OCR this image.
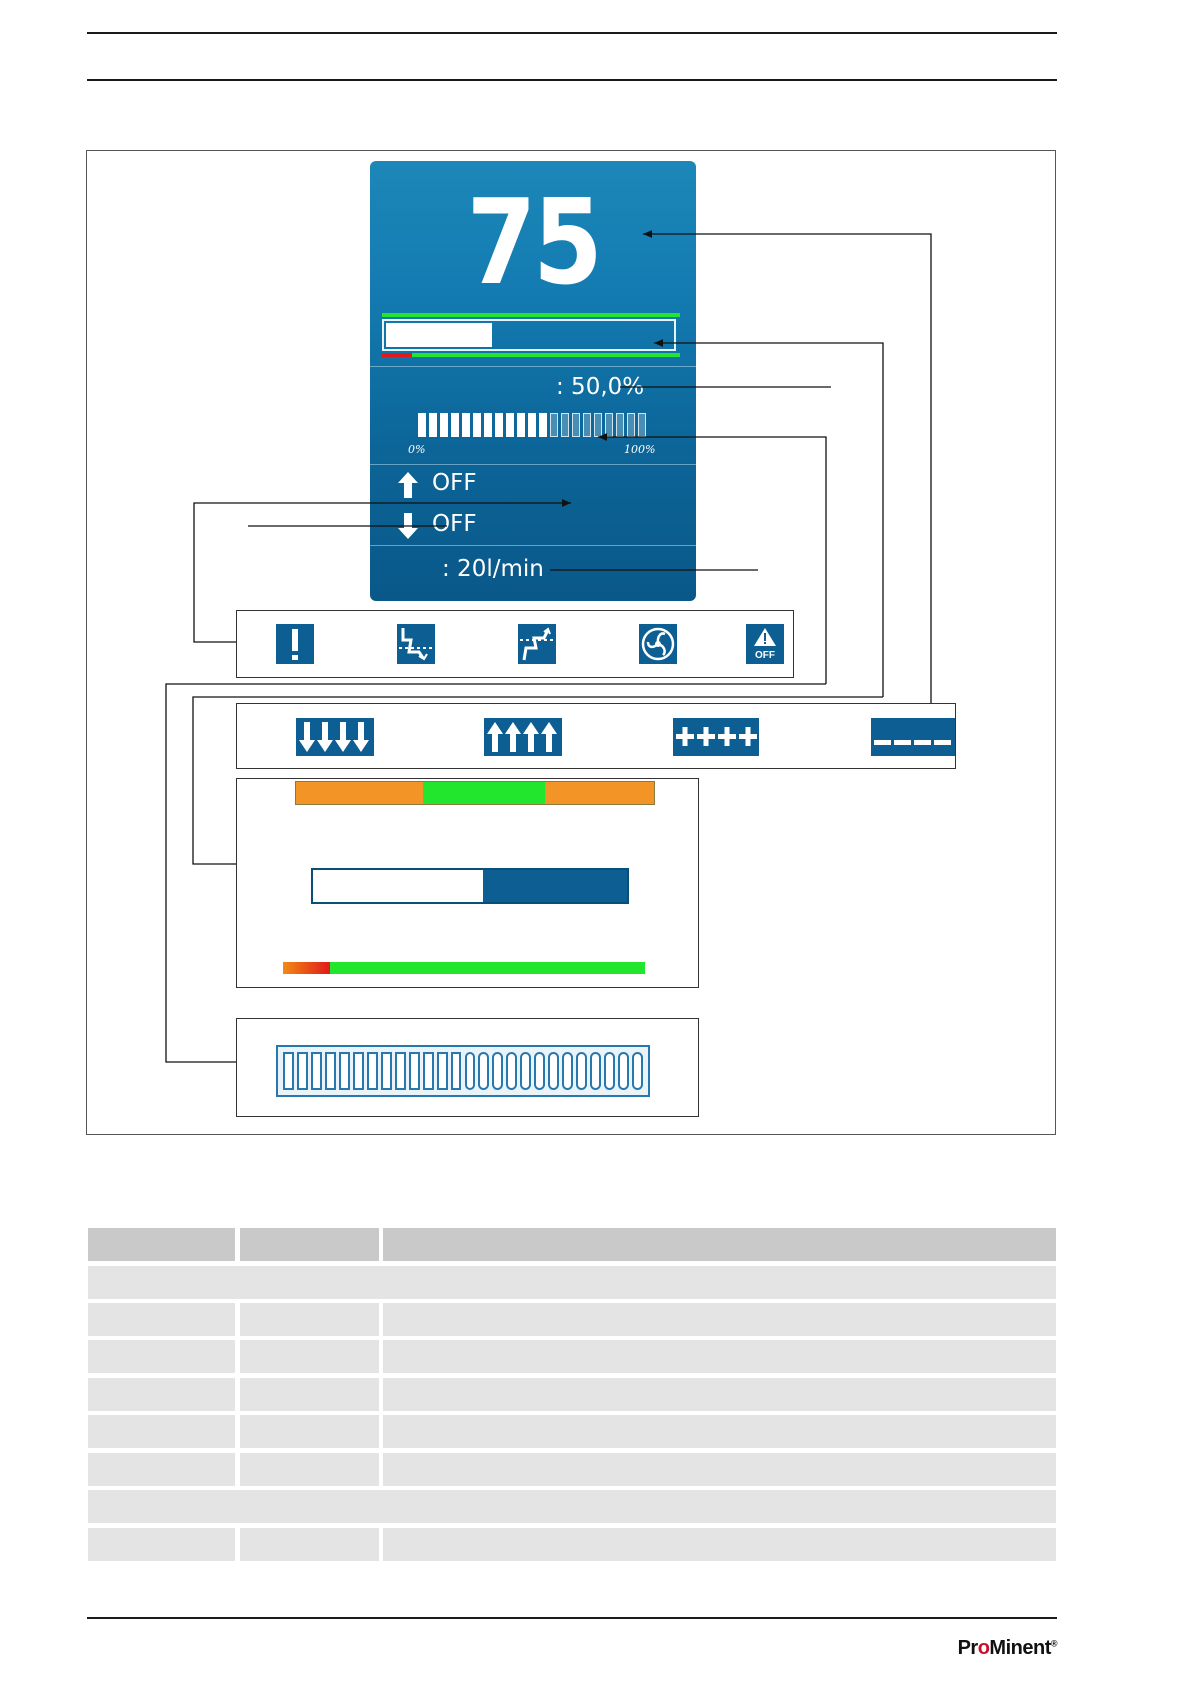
75
: 50,0%
0%	100%
OFF
OFF
: 20l/min
OFF
ProMinent®
